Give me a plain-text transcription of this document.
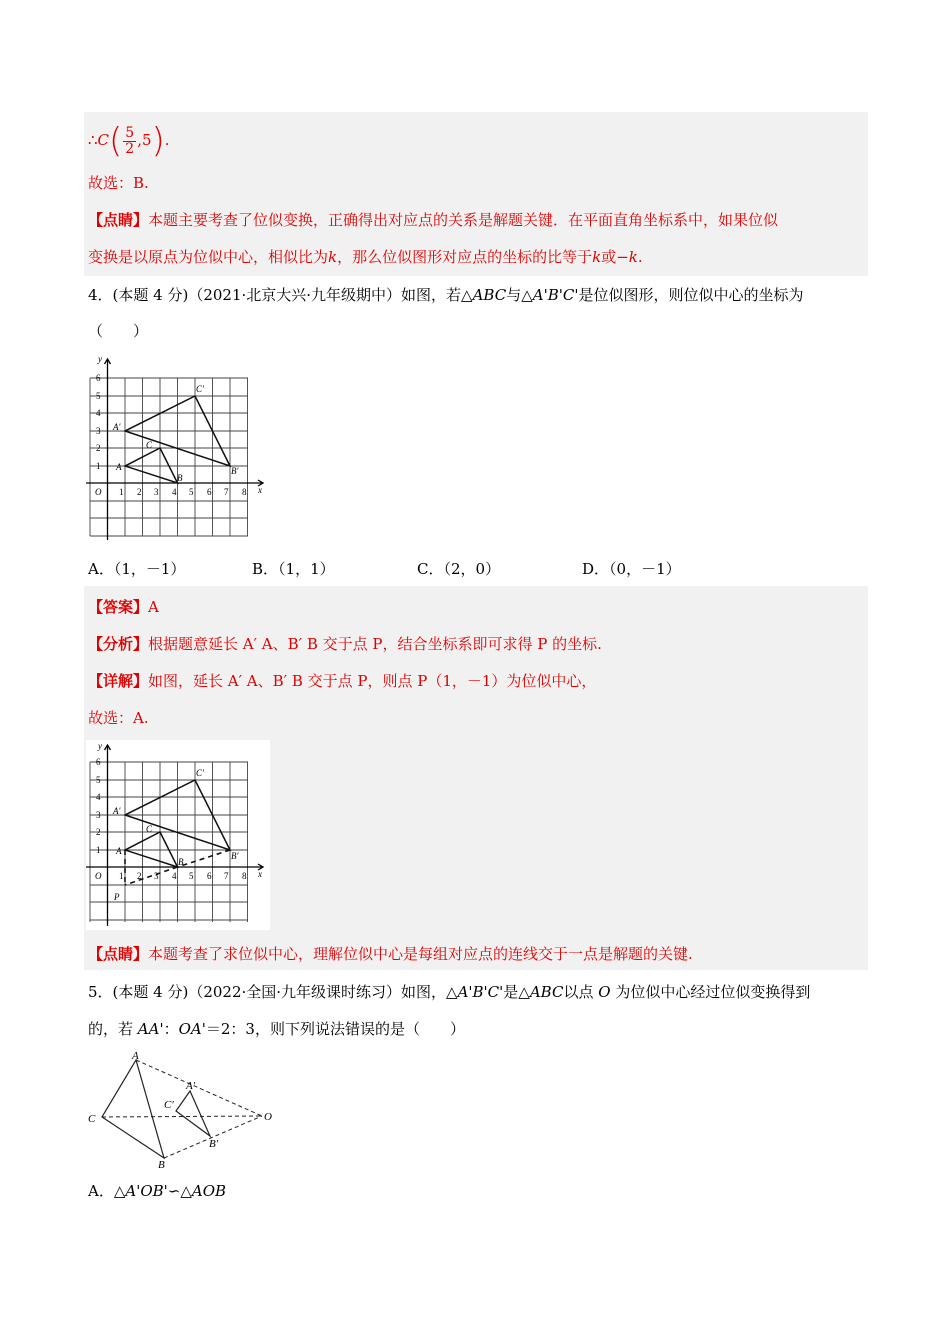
∴C( $\frac{5}{2} ,5$).
故选：B.
【点睛】本题主要考查了位似变换，正确得出对应点的关系是解题关键．在平面直角坐标系中，如果位似
变换是以原点为位似中心，相似比为k，那么位似图形对应点的坐标的比等于k或−k.
4．(本题 4 分)（2021·北京大兴·九年级期中）如图，若△ABC与△A'B'C'是位似图形，则位似中心的坐标为
（　　）
1 2 3 4 5 6 7 8
1
2
3
4
5
6
x
y
O
A
B
C
A′
B′
C′
A．（1，－1）	B．（1，1）	C．（2，0）	D．（0，－1）
【答案】A
【分析】根据题意延长 A′ A、B′ B 交于点 P，结合坐标系即可求得 P 的坐标.
【详解】如图，延长 A′ A、B′ B 交于点 P，则点 P（1，－1）为位似中心，
故选：A.
1 2 3 4 5 6 7 8
1
2
3
4
5
6
x
y
O
A
B
C
A′
B′
C′
P
【点睛】本题考查了求位似中心，理解位似中心是每组对应点的连线交于一点是解题的关键.
5．(本题 4 分)（2022·全国·九年级课时练习）如图，△A'B'C'是△ABC以点 O 为位似中心经过位似变换得到
的，若 AA'：OA'＝2：3，则下列说法错误的是（　　）
A
C
B
A′
C′
B′
O
A．△A'OB'∽△AOB
